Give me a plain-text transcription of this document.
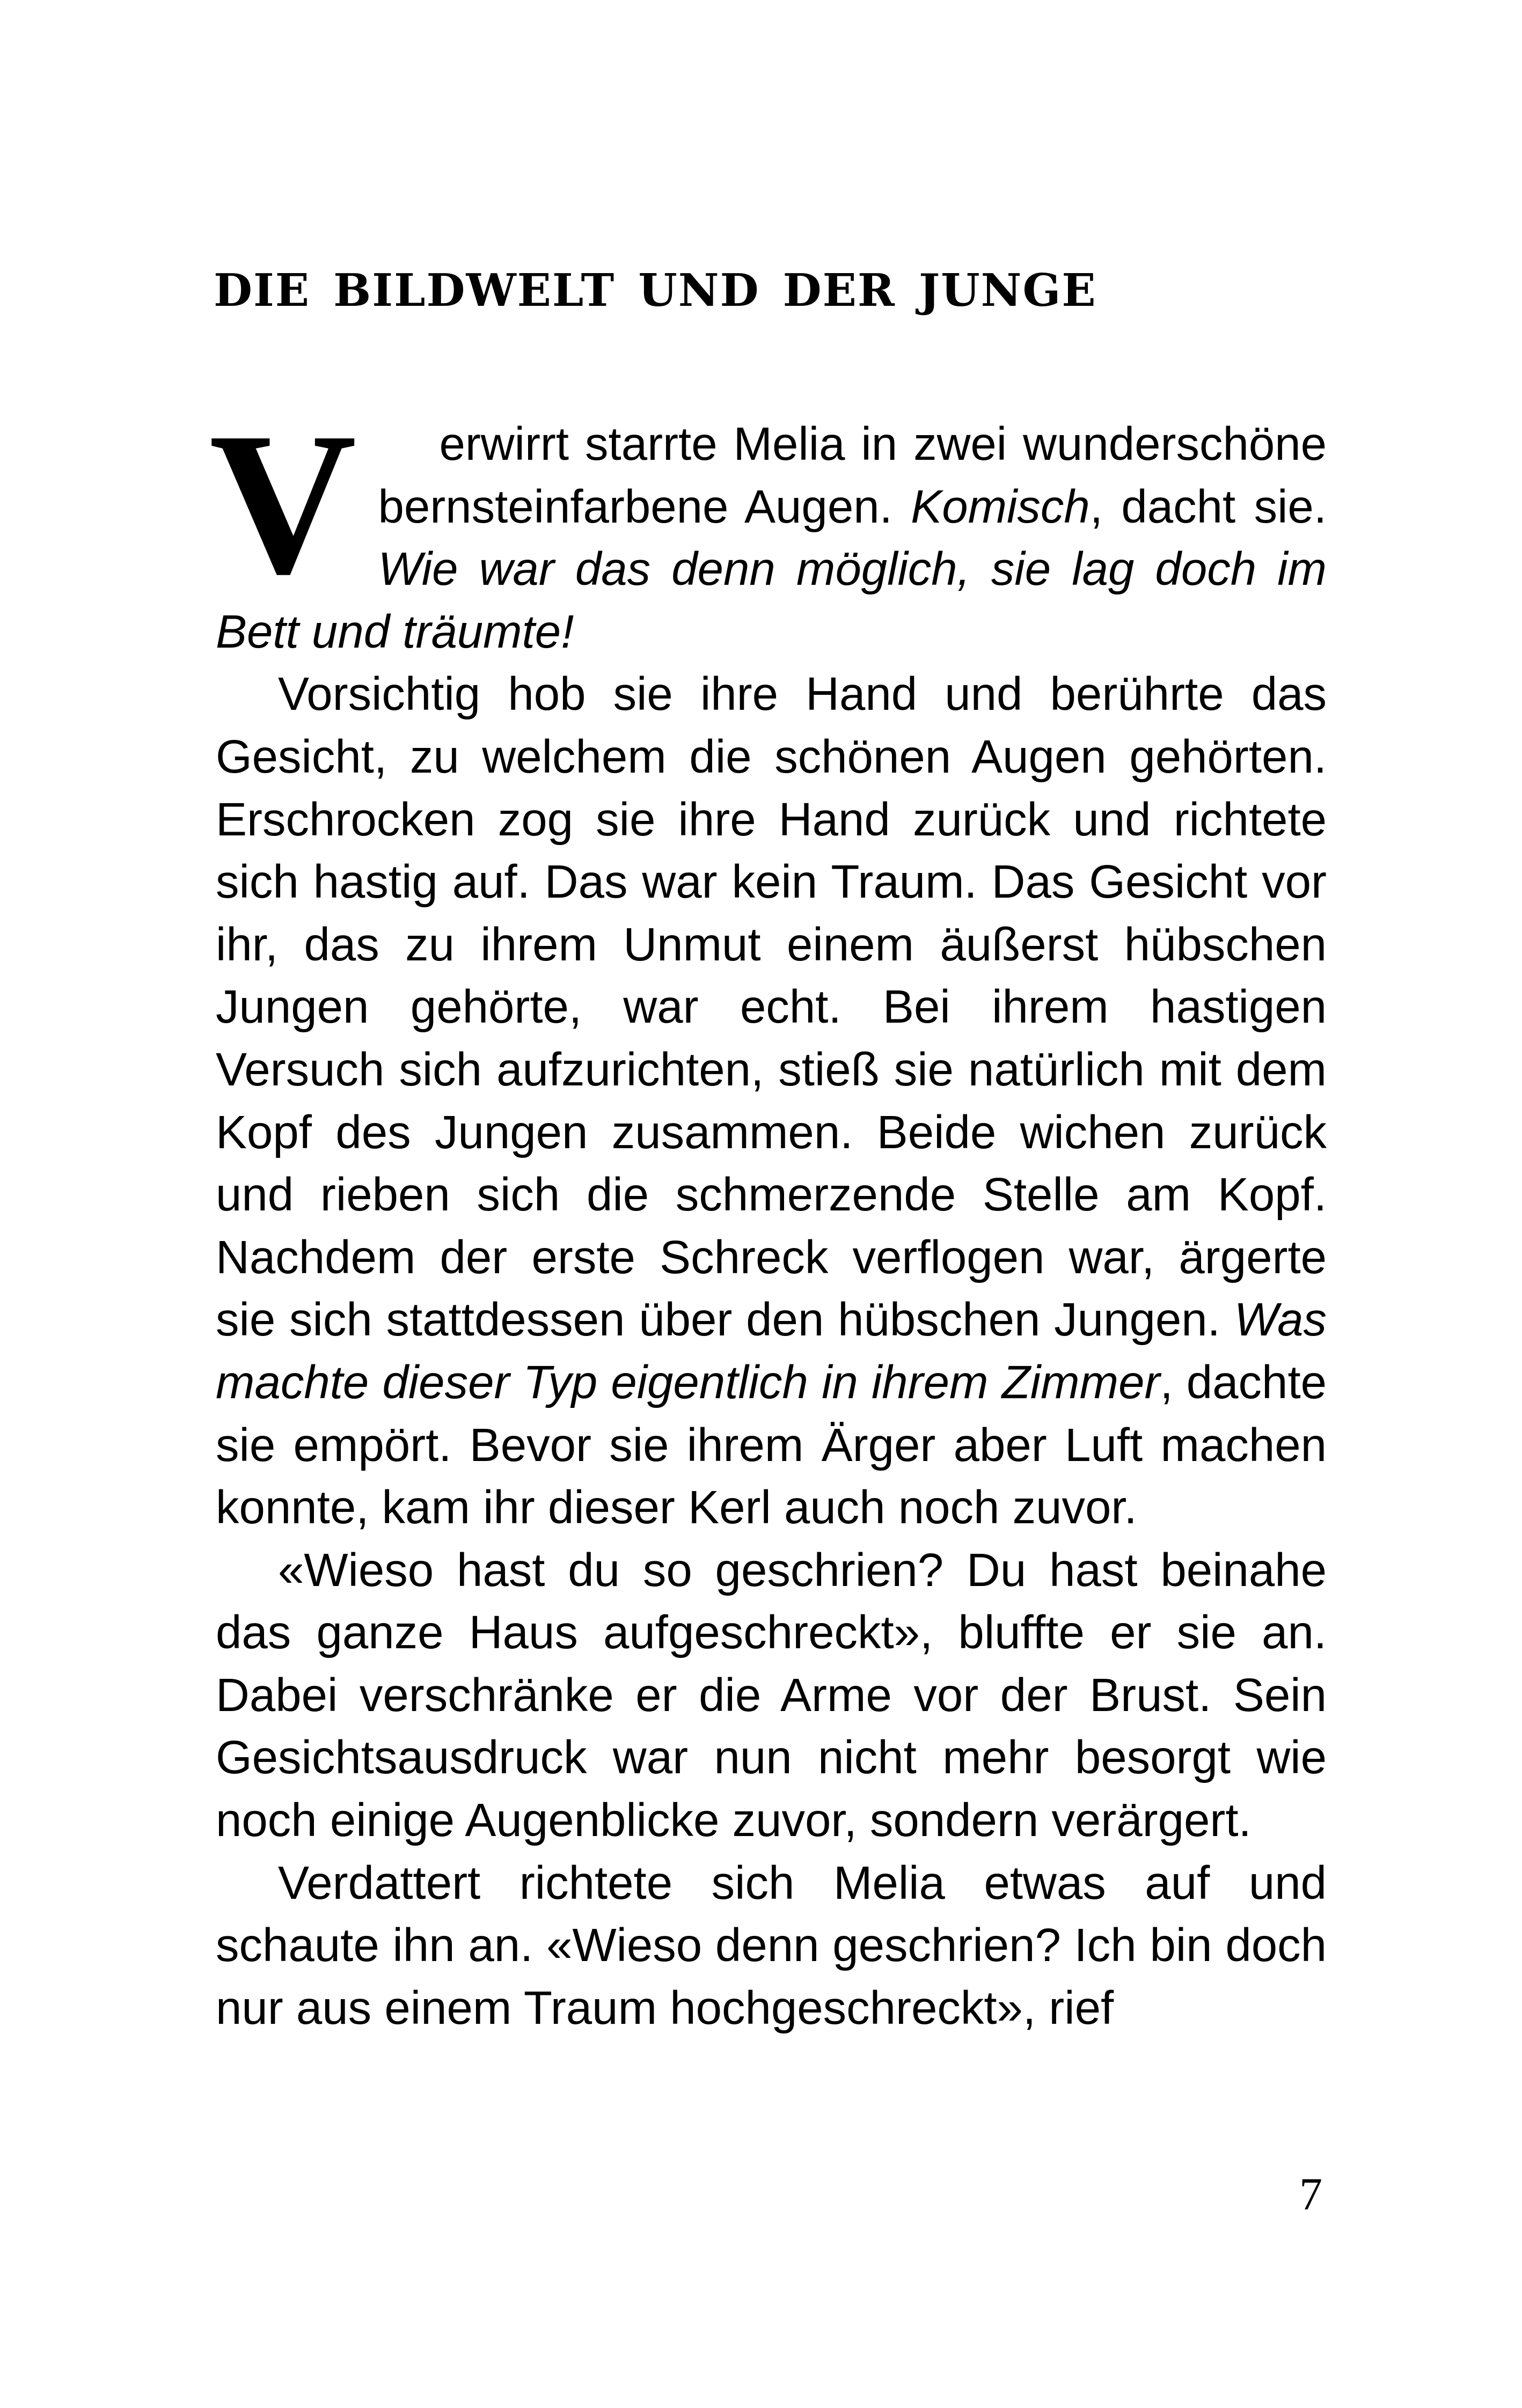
die bildwelt und der junge

V erwirrt starrte Melia in zwei wunderschöne bernsteinfarbene Augen. Komisch, dacht sie. Wie war das denn möglich, sie lag doch im Bett und träumte!

Vorsichtig hob sie ihre Hand und berührte das Gesicht, zu welchem die schönen Augen gehörten. Erschrocken zog sie ihre Hand zurück und richtete sich hastig auf. Das war kein Traum. Das Gesicht vor ihr, das zu ihrem Unmut einem äußerst hübschen Jungen gehörte, war echt. Bei ihrem hastigen Versuch sich aufzurichten, stieß sie natürlich mit dem Kopf des Jungen zusammen. Beide wichen zurück und rieben sich die schmerzende Stelle am Kopf. Nachdem der erste Schreck verflogen war, ärgerte sie sich stattdessen über den hübschen Jungen. Was machte dieser Typ eigentlich in ihrem Zimmer, dachte sie empört. Bevor sie ihrem Ärger aber Luft machen konnte, kam ihr dieser Kerl auch noch zuvor.

«Wieso hast du so geschrien? Du hast beinahe das ganze Haus aufgeschreckt», bluffte er sie an. Dabei verschränke er die Arme vor der Brust. Sein Gesichtsausdruck war nun nicht mehr besorgt wie noch einige Augenblicke zuvor, sondern verärgert.

Verdattert richtete sich Melia etwas auf und schaute ihn an. «Wieso denn geschrien? Ich bin doch nur aus einem Traum hochgeschreckt», rief

7
